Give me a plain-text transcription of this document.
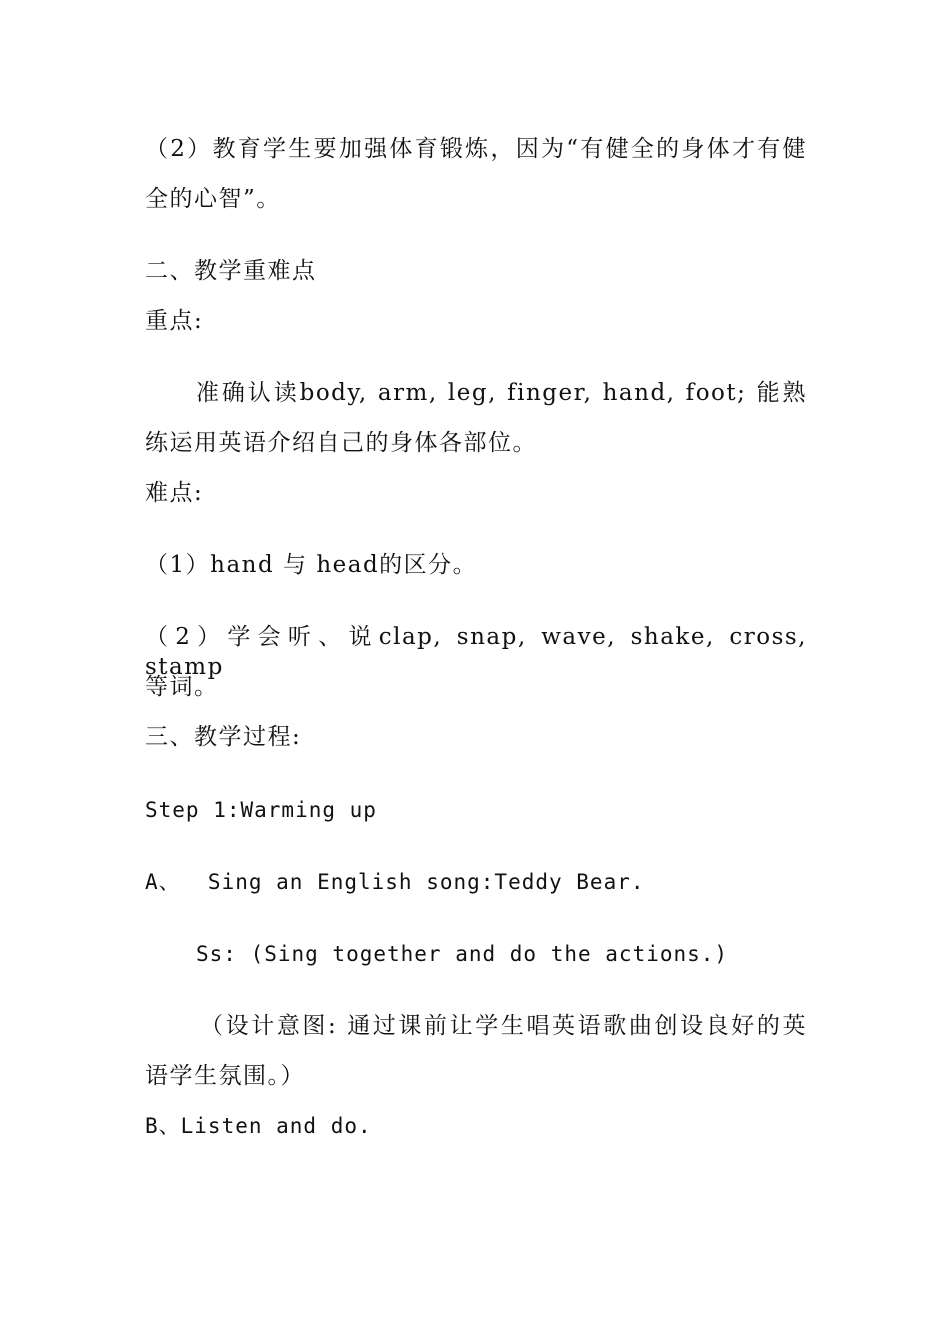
（2）教育学生要加强体育锻炼，因为“有健全的身体才有健
全的心智”。
二、教学重难点
重点:
准确认读body, arm, leg, finger, hand, foot; 能熟
练运用英语介绍自己的身体各部位。
难点:
（1）hand 与 head的区分。
（2）学会听、说clap, snap, wave, shake, cross, stamp
等词。
三、教学过程:
Step 1:Warming up
A、  Sing an English song:Teddy Bear.
Ss: (Sing together and do the actions.)
（设计意图: 通过课前让学生唱英语歌曲创设良好的英
语学生氛围。）
B、Listen and do.
